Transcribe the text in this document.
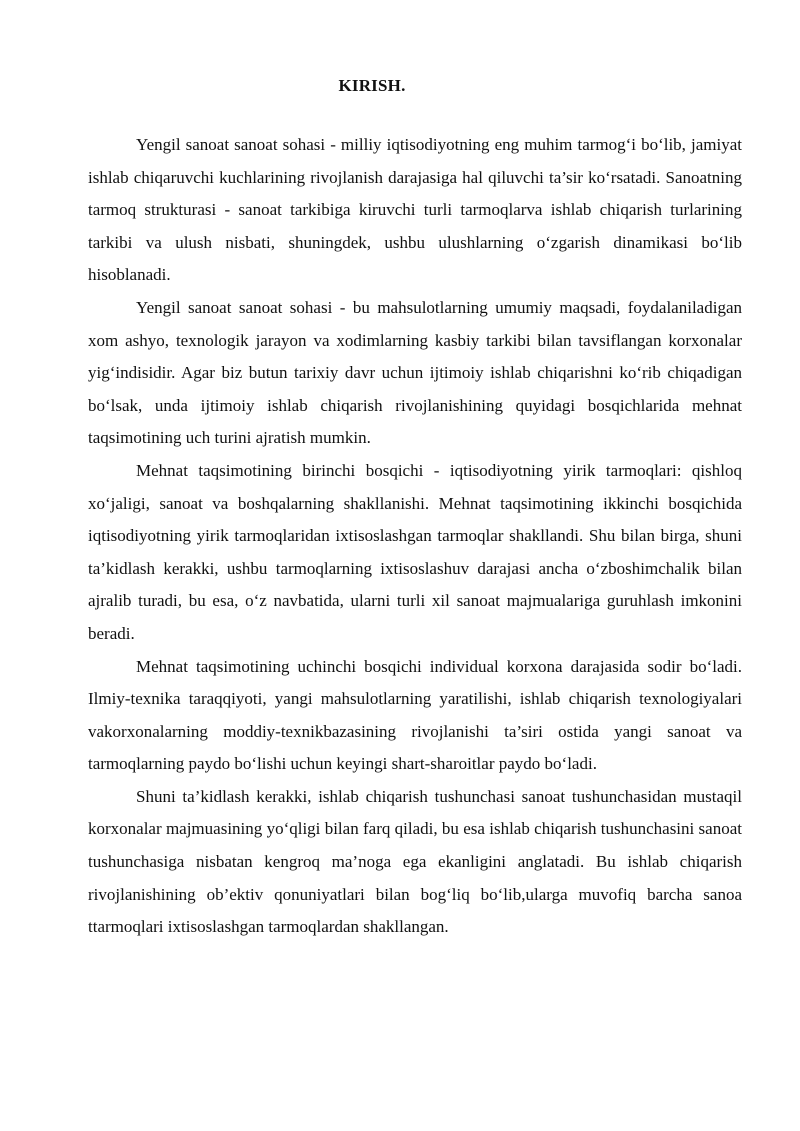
KIRISH.

Yengil sanoat sanoat sohasi - milliy iqtisodiyotning eng muhim tarmog‘i bo‘lib, jamiyat ishlab chiqaruvchi kuchlarining rivojlanish darajasiga hal qiluvchi ta’sir ko‘rsatadi. Sanoatning tarmoq strukturasi - sanoat tarkibiga kiruvchi turli tarmoqlarva ishlab chiqarish turlarining tarkibi va ulush nisbati, shuningdek, ushbu ulushlarning o‘zgarish dinamikasi bo‘lib hisoblanadi.

Yengil sanoat sanoat sohasi - bu mahsulotlarning umumiy maqsadi, foydalaniladigan xom ashyo, texnologik jarayon va xodimlarning kasbiy tarkibi bilan tavsiflangan korxonalar yig‘indisidir. Agar biz butun tarixiy davr uchun ijtimoiy ishlab chiqarishni ko‘rib chiqadigan bo‘lsak, unda ijtimoiy ishlab chiqarish rivojlanishining quyidagi bosqichlarida mehnat taqsimotining uch turini ajratish mumkin.

Mehnat taqsimotining birinchi bosqichi - iqtisodiyotning yirik tarmoqlari: qishloq xo‘jaligi, sanoat va boshqalarning shakllanishi. Mehnat taqsimotining ikkinchi bosqichida iqtisodiyotning yirik tarmoqlaridan ixtisoslashgan tarmoqlar shakllandi. Shu bilan birga, shuni ta’kidlash kerakki, ushbu tarmoqlarning ixtisoslashuv darajasi ancha o‘zboshimchalik bilan ajralib turadi, bu esa, o‘z navbatida, ularni turli xil sanoat majmualariga guruhlash imkonini beradi.

Mehnat taqsimotining uchinchi bosqichi individual korxona darajasida sodir bo‘ladi. Ilmiy-texnika taraqqiyoti, yangi mahsulotlarning yaratilishi, ishlab chiqarish texnologiyalari vakorxonalarning moddiy-texnikbazasining rivojlanishi ta’siri ostida yangi sanoat va tarmoqlarning paydo bo‘lishi uchun keyingi shart-sharoitlar paydo bo‘ladi.

Shuni ta’kidlash kerakki, ishlab chiqarish tushunchasi sanoat tushunchasidan mustaqil korxonalar majmuasining yo‘qligi bilan farq qiladi, bu esa ishlab chiqarish tushunchasini sanoat tushunchasiga nisbatan kengroq ma’noga ega ekanligini anglatadi. Bu ishlab chiqarish rivojlanishining ob’ektiv qonuniyatlari bilan bog‘liq bo‘lib,ularga muvofiq barcha sanoa ttarmoqlari ixtisoslashgan tarmoqlardan shakllangan.
